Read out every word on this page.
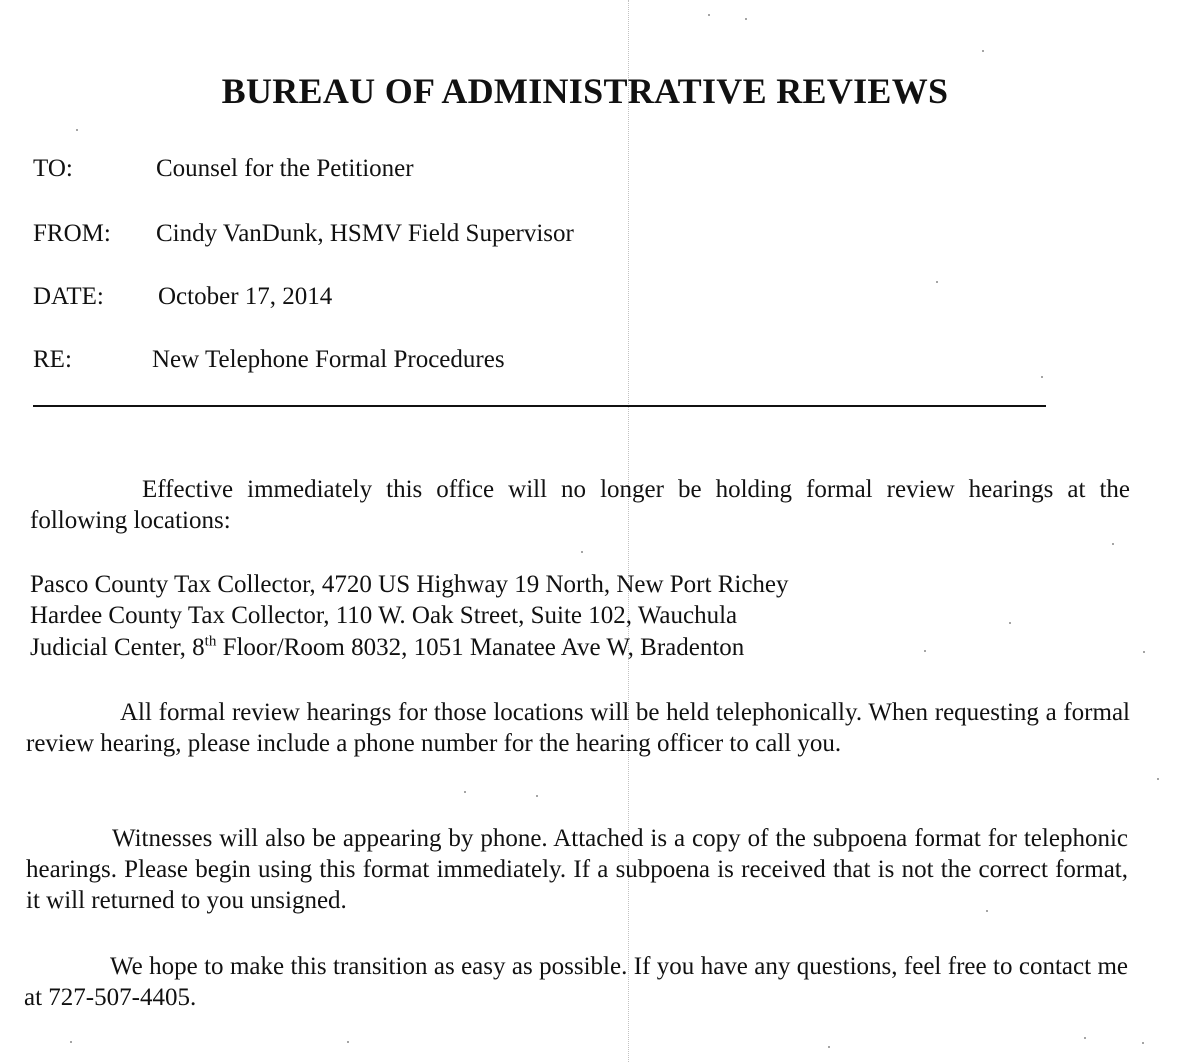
BUREAU OF ADMINISTRATIVE REVIEWS
TO:	Counsel for the Petitioner
FROM: Cindy VanDunk, HSMV Field Supervisor
DATE: October 17, 2014
RE:	New Telephone Formal Procedures

Effective immediately this office will no longer be holding formal review hearings at the following locations:

Pasco County Tax Collector, 4720 US Highway 19 North, New Port Richey
Hardee County Tax Collector, 110 W. Oak Street, Suite 102, Wauchula
Judicial Center, 8th Floor/Room 8032, 1051 Manatee Ave W, Bradenton

All formal review hearings for those locations will be held telephonically. When requesting a formal review hearing, please include a phone number for the hearing officer to call you.

Witnesses will also be appearing by phone. Attached is a copy of the subpoena format for telephonic hearings. Please begin using this format immediately. If a subpoena is received that is not the correct format, it will returned to you unsigned.

We hope to make this transition as easy as possible. If you have any questions, feel free to contact me at 727-507-4405.
